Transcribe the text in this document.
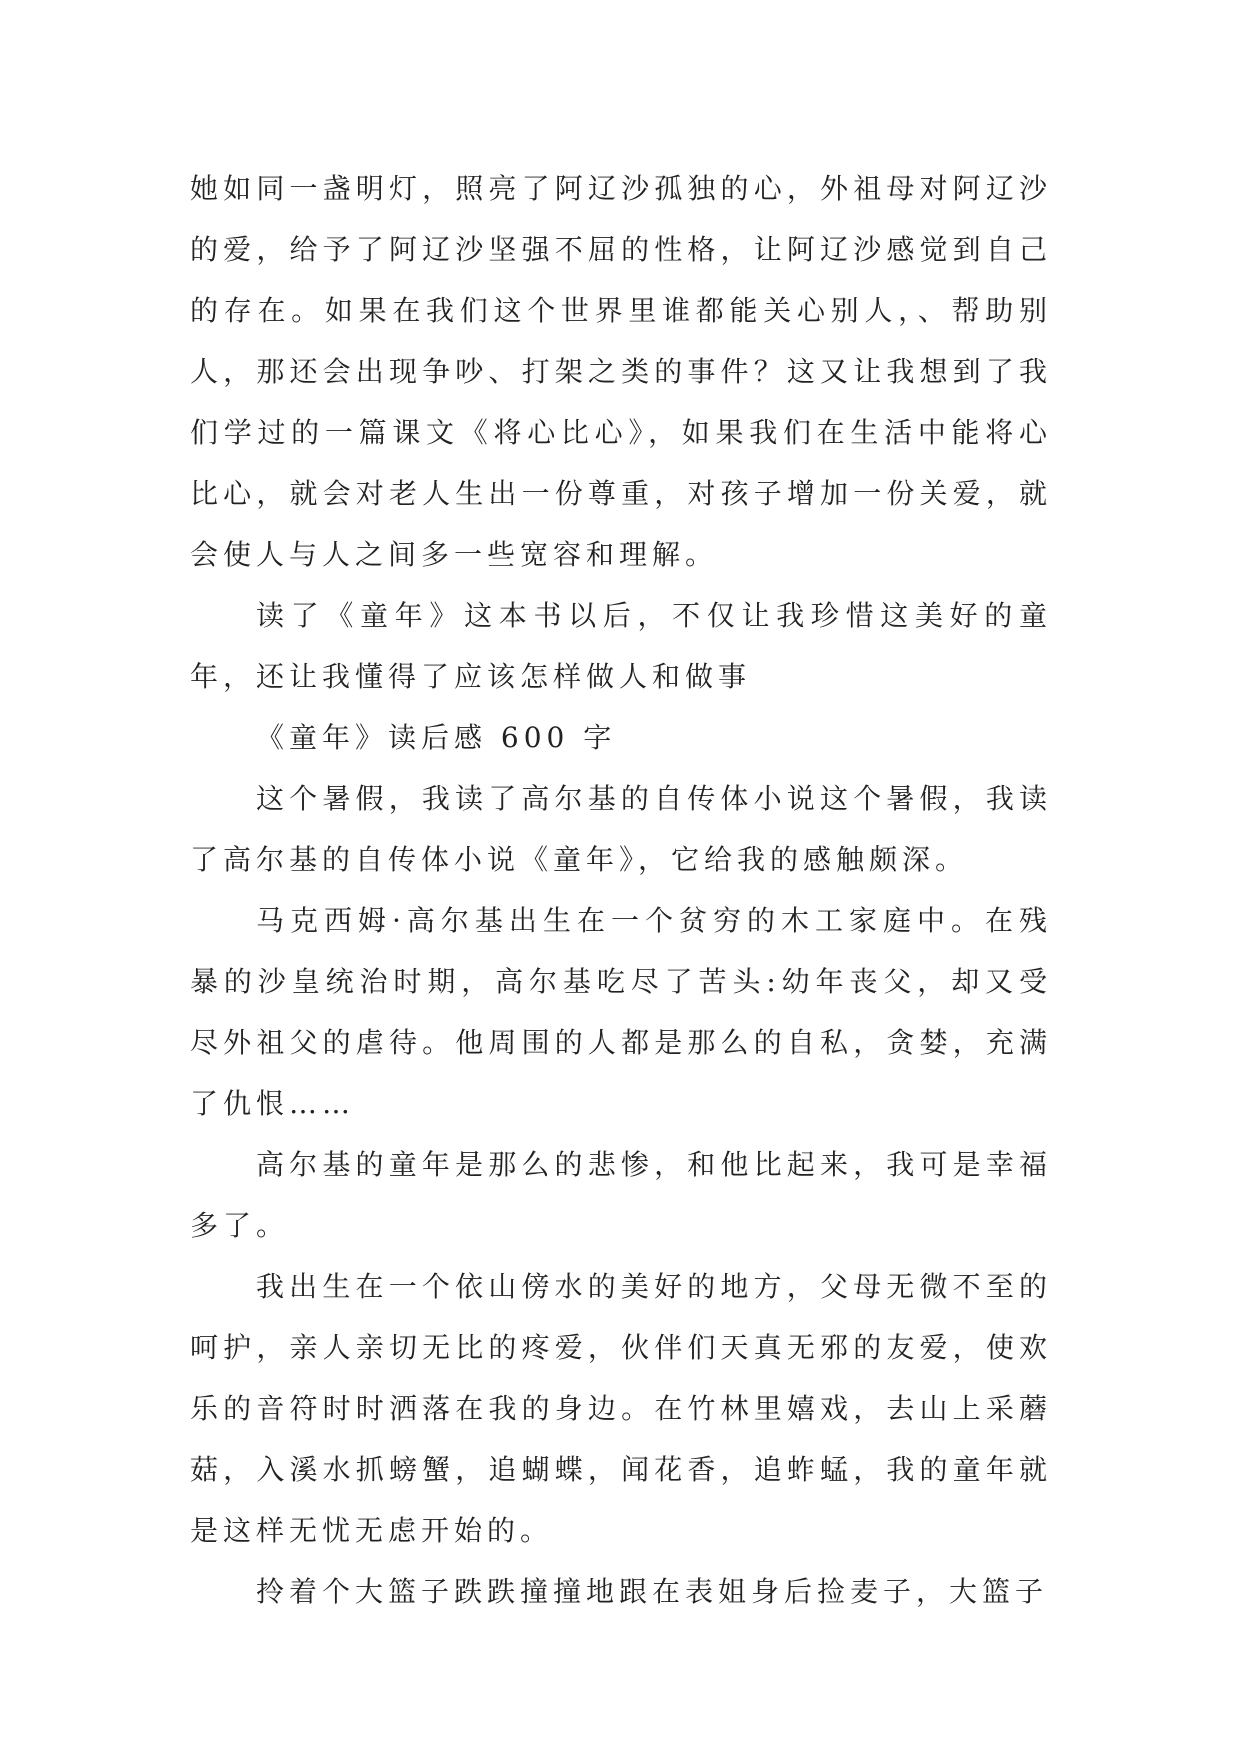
她如同一盏明灯，照亮了阿辽沙孤独的心，外祖母对阿辽沙的爱，给予了阿辽沙坚强不屈的性格，让阿辽沙感觉到自己的存在。如果在我们这个世界里谁都能关心别人，、帮助别人，那还会出现争吵、打架之类的事件？这又让我想到了我们学过的一篇课文《将心比心》，如果我们在生活中能将心比心，就会对老人生出一份尊重，对孩子增加一份关爱，就会使人与人之间多一些宽容和理解。

读了《童年》这本书以后，不仅让我珍惜这美好的童年，还让我懂得了应该怎样做人和做事

《童年》读后感 600 字

这个暑假，我读了高尔基的自传体小说这个暑假，我读了高尔基的自传体小说《童年》，它给我的感触颇深。

马克西姆·高尔基出生在一个贫穷的木工家庭中。在残暴的沙皇统治时期，高尔基吃尽了苦头:幼年丧父，却又受尽外祖父的虐待。他周围的人都是那么的自私，贪婪，充满了仇恨……

高尔基的童年是那么的悲惨，和他比起来，我可是幸福多了。

我出生在一个依山傍水的美好的地方，父母无微不至的呵护，亲人亲切无比的疼爱，伙伴们天真无邪的友爱，使欢乐的音符时时洒落在我的身边。在竹林里嬉戏，去山上采蘑菇，入溪水抓螃蟹，追蝴蝶，闻花香，追蚱蜢，我的童年就是这样无忧无虑开始的。

拎着个大篮子跌跌撞撞地跟在表姐身后捡麦子，大篮子
